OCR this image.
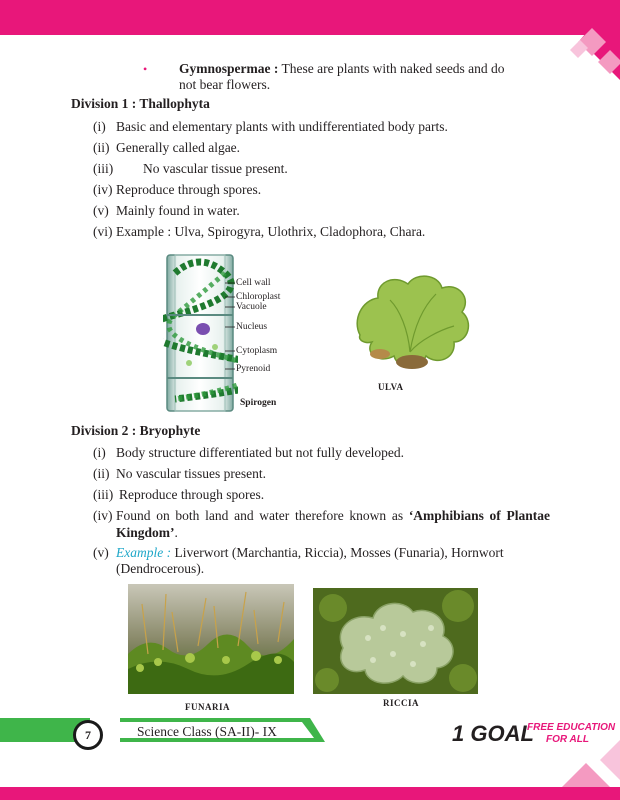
• Gymnospermae : These are plants with naked seeds and do
not bear flowers.
Division 1 : Thallophyta
(i) Basic and elementary plants with undifferentiated body parts.
(ii) Generally called algae.
(iii) No vascular tissue present.
(iv) Reproduce through spores.
(v) Mainly found in water.
(vi) Example : Ulva, Spirogyra, Ulothrix, Cladophora, Chara.
Cell wall
Chloroplast
Vacuole
Nucleus
Cytoplasm
Pyrenoid
Spirogen
ULVA
Division 2 : Bryophyte
(i) Body structure differentiated but not fully developed.
(ii) No vascular tissues present.
(iii) Reproduce through spores.
(iv) Found on both land and water therefore known as ‘Amphibians of Plantae Kingdom’.
(v) Example : Liverwort (Marchantia, Riccia), Mosses (Funaria), Hornwort
(Dendrocerous).
FUNARIA	RICCIA
7	Science Class (SA-II)- IX	1 GOAL
FREE EDUCATION
FOR ALL
